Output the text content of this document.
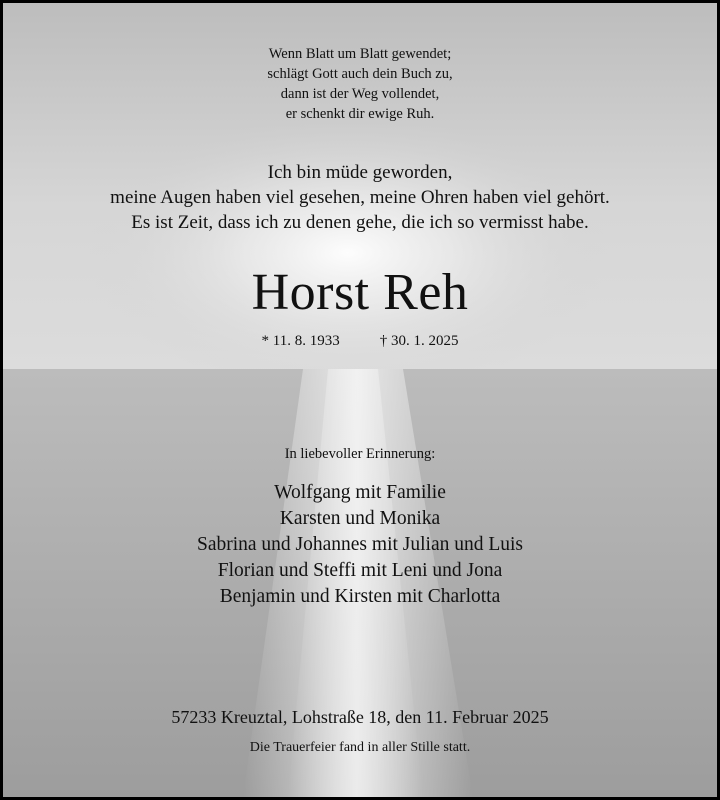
Wenn Blatt um Blatt gewendet;
schlägt Gott auch dein Buch zu,
dann ist der Weg vollendet,
er schenkt dir ewige Ruh.
Ich bin müde geworden,
meine Augen haben viel gesehen, meine Ohren haben viel gehört.
Es ist Zeit, dass ich zu denen gehe, die ich so vermisst habe.
Horst Reh
* 11. 8. 1933	† 30. 1. 2025
In liebevoller Erinnerung:
Wolfgang mit Familie
Karsten und Monika
Sabrina und Johannes mit Julian und Luis
Florian und Steffi mit Leni und Jona
Benjamin und Kirsten mit Charlotta
57233 Kreuztal, Lohstraße 18, den 11. Februar 2025
Die Trauerfeier fand in aller Stille statt.
